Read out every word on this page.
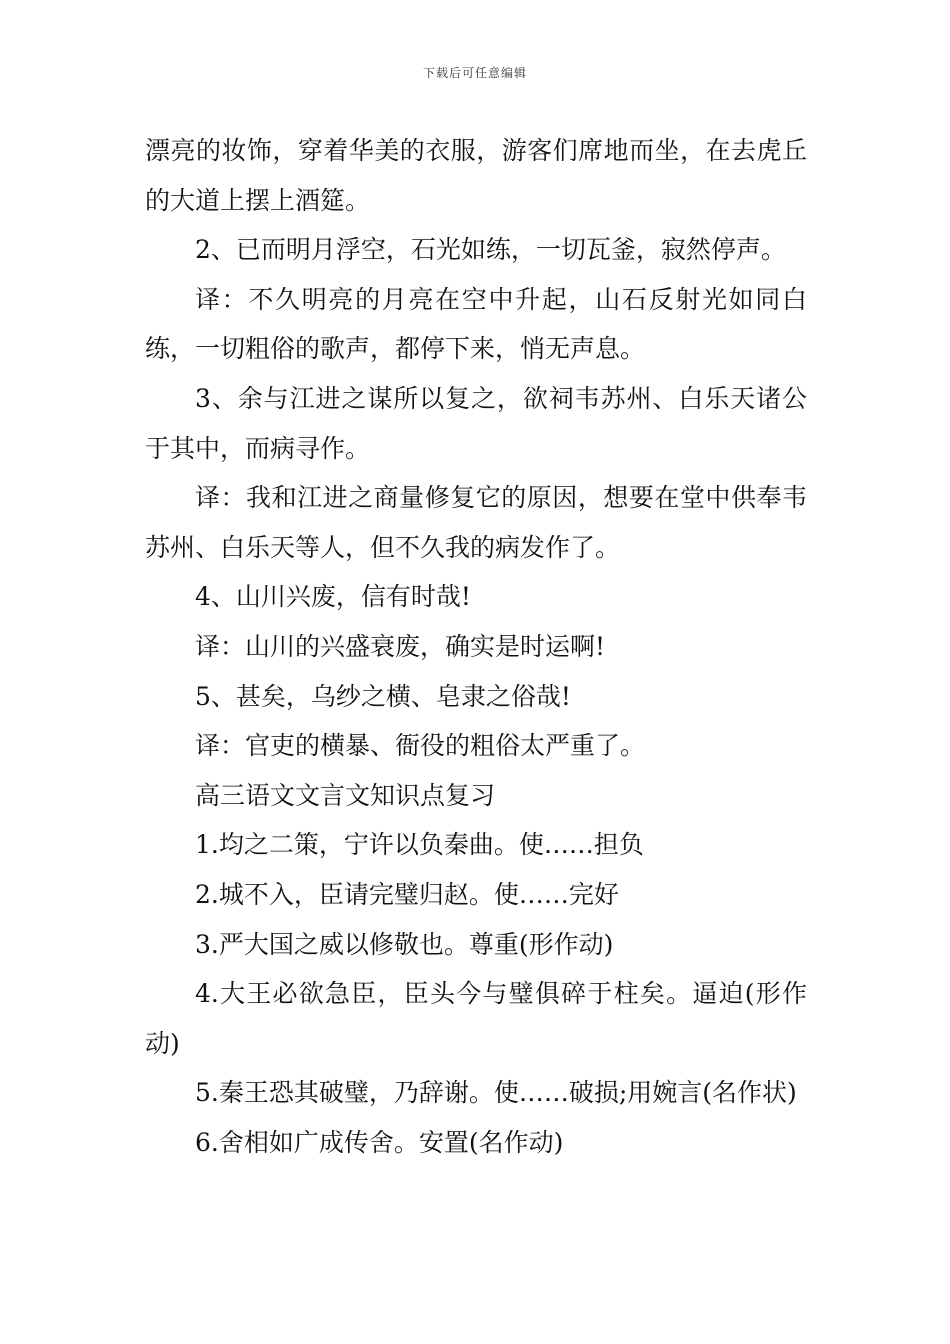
下载后可任意编辑

漂亮的妆饰，穿着华美的衣服，游客们席地而坐，在去虎丘的大道上摆上酒筵。

2、已而明月浮空，石光如练，一切瓦釜，寂然停声。

译：不久明亮的月亮在空中升起，山石反射光如同白练，一切粗俗的歌声，都停下来，悄无声息。

3、余与江进之谋所以复之，欲祠韦苏州、白乐天诸公于其中，而病寻作。

译：我和江进之商量修复它的原因，想要在堂中供奉韦苏州、白乐天等人，但不久我的病发作了。

4、山川兴废，信有时哉!

译：山川的兴盛衰废，确实是时运啊!

5、甚矣，乌纱之横、皂隶之俗哉!

译：官吏的横暴、衙役的粗俗太严重了。

高三语文文言文知识点复习

1.均之二策，宁许以负秦曲。使……担负

2.城不入，臣请完璧归赵。使……完好

3.严大国之威以修敬也。尊重(形作动)

4.大王必欲急臣，臣头今与璧俱碎于柱矣。逼迫(形作动)

5.秦王恐其破璧，乃辞谢。使……破损;用婉言(名作状)

6.舍相如广成传舍。安置(名作动)
